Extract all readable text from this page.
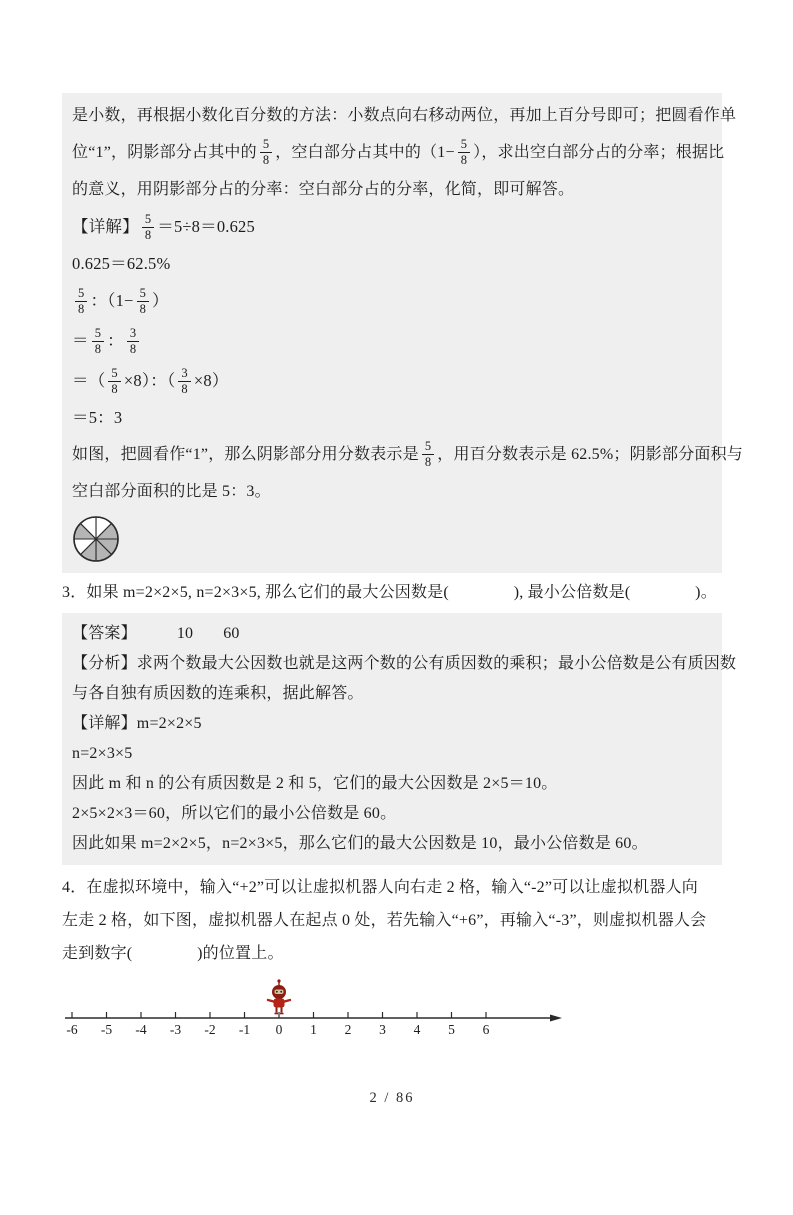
是小数，再根据小数化百分数的方法：小数点向右移动两位，再加上百分号即可；把圆看作单
位“1”，阴影部分占其中的 $\frac{5}{8}$ ，空白部分占其中的（$1- \frac{5}{8}$ ），求出空白部分占的分率；根据比
的意义，用阴影部分占的分率：空白部分占的分率，化简，即可解答。
【详解】 $\frac{5}{8} =5\div 8=0.625$
0.625＝62.5%
$\frac{5}{8}$ ：（$1- \frac{5}{8}$ ）
＝ $\frac{5}{8}$ ： $\frac{3}{8}$
＝（ $\frac{5}{8} \times 8$）：（ $\frac{3}{8} \times 8$）
＝5：3
如图，把圆看作“1”，那么阴影部分用分数表示是 $\frac{5}{8}$ ，用百分数表示是 62.5%；阴影部分面积与
空白部分面积的比是 5：3。
3．如果 m=2×2×5, n=2×3×5, 那么它们的最大公因数是(　　　　), 最小公倍数是(　　　　)。
【答案】	10 60
【分析】求两个数最大公因数也就是这两个数的公有质因数的乘积；最小公倍数是公有质因数
与各自独有质因数的连乘积，据此解答。
【详解】m=2×2×5
n=2×3×5
因此 m 和 n 的公有质因数是 2 和 5，它们的最大公因数是 2×5＝10。
2×5×2×3＝60，所以它们的最小公倍数是 60。
因此如果 m=2×2×5，n=2×3×5，那么它们的最大公因数是 10，最小公倍数是 60。
4．在虚拟环境中，输入“+2”可以让虚拟机器人向右走 2 格，输入“-2”可以让虚拟机器人向
左走 2 格，如下图，虚拟机器人在起点 0 处，若先输入“+6”，再输入“-3”，则虚拟机器人会
走到数字(　　　　)的位置上。
-6 -5 -4 -3 -2 -1 0 1 2 3 4 5 6
2 / 86
